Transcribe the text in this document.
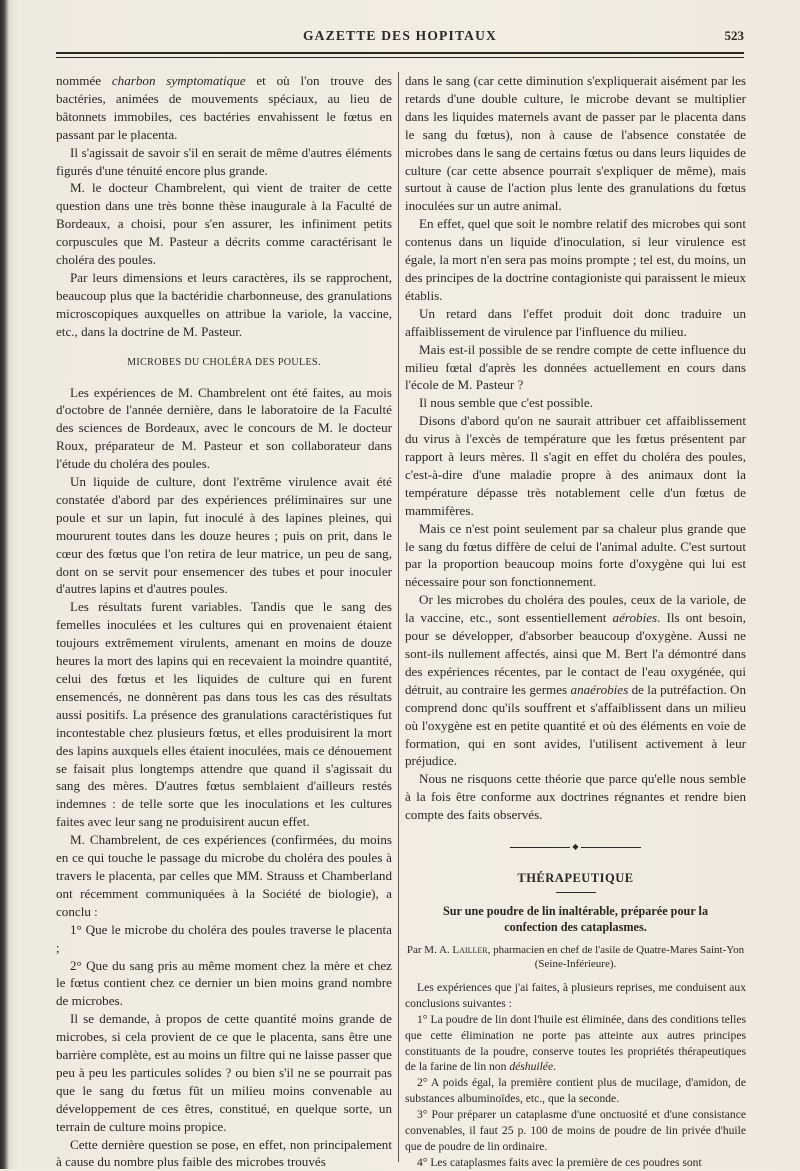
GAZETTE DES HOPITAUX	523

nommée charbon symptomatique et où l'on trouve des bactéries, animées de mouvements spéciaux, au lieu de bâtonnets immobiles, ces bactéries envahissent le fœtus en passant par le placenta.

Il s'agissait de savoir s'il en serait de même d'autres éléments figurés d'une ténuité encore plus grande.

M. le docteur Chambrelent, qui vient de traiter de cette question dans une très bonne thèse inaugurale à la Faculté de Bordeaux, a choisi, pour s'en assurer, les infiniment petits corpuscules que M. Pasteur a décrits comme caractérisant le choléra des poules.

Par leurs dimensions et leurs caractères, ils se rapprochent, beaucoup plus que la bactéridie charbonneuse, des granulations microscopiques auxquelles on attribue la variole, la vaccine, etc., dans la doctrine de M. Pasteur.

MICROBES DU CHOLÉRA DES POULES.

Les expériences de M. Chambrelent ont été faites, au mois d'octobre de l'année dernière, dans le laboratoire de la Faculté des sciences de Bordeaux, avec le concours de M. le docteur Roux, préparateur de M. Pasteur et son collaborateur dans l'étude du choléra des poules.

Un liquide de culture, dont l'extrême virulence avait été constatée d'abord par des expériences préliminaires sur une poule et sur un lapin, fut inoculé à des lapines pleines, qui moururent toutes dans les douze heures ; puis on prit, dans le cœur des fœtus que l'on retira de leur matrice, un peu de sang, dont on se servit pour ensemencer des tubes et pour inoculer d'autres lapins et d'autres poules.

Les résultats furent variables. Tandis que le sang des femelles inoculées et les cultures qui en provenaient étaient toujours extrêmement virulents, amenant en moins de douze heures la mort des lapins qui en recevaient la moindre quantité, celui des fœtus et les liquides de culture qui en furent ensemencés, ne donnèrent pas dans tous les cas des résultats aussi positifs. La présence des granulations caractéristiques fut incontestable chez plusieurs fœtus, et elles produisirent la mort des lapins auxquels elles étaient inoculées, mais ce dénouement se faisait plus longtemps attendre que quand il s'agissait du sang des mères. D'autres fœtus semblaient d'ailleurs restés indemnes : de telle sorte que les inoculations et les cultures faites avec leur sang ne produisirent aucun effet.

M. Chambrelent, de ces expériences (confirmées, du moins en ce qui touche le passage du microbe du choléra des poules à travers le placenta, par celles que MM. Strauss et Chamberland ont récemment communiquées à la Société de biologie), a conclu :

1° Que le microbe du choléra des poules traverse le placenta ;

2° Que du sang pris au même moment chez la mère et chez le fœtus contient chez ce dernier un bien moins grand nombre de microbes.

Il se demande, à propos de cette quantité moins grande de microbes, si cela provient de ce que le placenta, sans être une barrière complète, est au moins un filtre qui ne laisse passer que peu à peu les particules solides ? ou bien s'il ne se pourrait pas que le sang du fœtus fût un milieu moins convenable au développement de ces êtres, constitué, en quelque sorte, un terrain de culture moins propice.

Cette dernière question se pose, en effet, non principalement à cause du nombre plus faible des microbes trouvés

dans le sang (car cette diminution s'expliquerait aisément par les retards d'une double culture, le microbe devant se multiplier dans les liquides maternels avant de passer par le placenta dans le sang du fœtus), non à cause de l'absence constatée de microbes dans le sang de certains fœtus ou dans leurs liquides de culture (car cette absence pourrait s'expliquer de même), mais surtout à cause de l'action plus lente des granulations du fœtus inoculées sur un autre animal.

En effet, quel que soit le nombre relatif des microbes qui sont contenus dans un liquide d'inoculation, si leur virulence est égale, la mort n'en sera pas moins prompte ; tel est, du moins, un des principes de la doctrine contagioniste qui paraissent le mieux établis.

Un retard dans l'effet produit doit donc traduire un affaiblissement de virulence par l'influence du milieu.

Mais est-il possible de se rendre compte de cette influence du milieu fœtal d'après les données actuellement en cours dans l'école de M. Pasteur ?

Il nous semble que c'est possible.

Disons d'abord qu'on ne saurait attribuer cet affaiblissement du virus à l'excès de température que les fœtus présentent par rapport à leurs mères. Il s'agit en effet du choléra des poules, c'est-à-dire d'une maladie propre à des animaux dont la température dépasse très notablement celle d'un fœtus de mammifères.

Mais ce n'est point seulement par sa chaleur plus grande que le sang du fœtus diffère de celui de l'animal adulte. C'est surtout par la proportion beaucoup moins forte d'oxygène qui lui est nécessaire pour son fonctionnement.

Or les microbes du choléra des poules, ceux de la variole, de la vaccine, etc., sont essentiellement aérobies. Ils ont besoin, pour se développer, d'absorber beaucoup d'oxygène. Aussi ne sont-ils nullement affectés, ainsi que M. Bert l'a démontré dans des expériences récentes, par le contact de l'eau oxygénée, qui détruit, au contraire les germes anaérobies de la putréfaction. On comprend donc qu'ils souffrent et s'affaiblissent dans un milieu où l'oxygène est en petite quantité et où des éléments en voie de formation, qui en sont avides, l'utilisent activement à leur préjudice.

Nous ne risquons cette théorie que parce qu'elle nous semble à la fois être conforme aux doctrines régnantes et rendre bien compte des faits observés.

◆
THÉRAPEUTIQUE
Sur une poudre de lin inaltérable, préparée pour la confection des cataplasmes.
Par M. A. Lailler, pharmacien en chef de l'asile de Quatre-Mares Saint-Yon (Seine-Inférieure).

Les expériences que j'ai faites, à plusieurs reprises, me conduisent aux conclusions suivantes :

1° La poudre de lin dont l'huile est éliminée, dans des conditions telles que cette élimination ne porte pas atteinte aux autres principes constituants de la poudre, conserve toutes les propriétés thérapeutiques de la farine de lin non déshuilée.

2° A poids égal, la première contient plus de mucilage, d'amidon, de substances albuminoïdes, etc., que la seconde.

3° Pour préparer un cataplasme d'une onctuosité et d'une consistance convenables, il faut 25 p. 100 de moins de poudre de lin privée d'huile que de poudre de lin ordinaire.

4° Les cataplasmes faits avec la première de ces poudres sont
